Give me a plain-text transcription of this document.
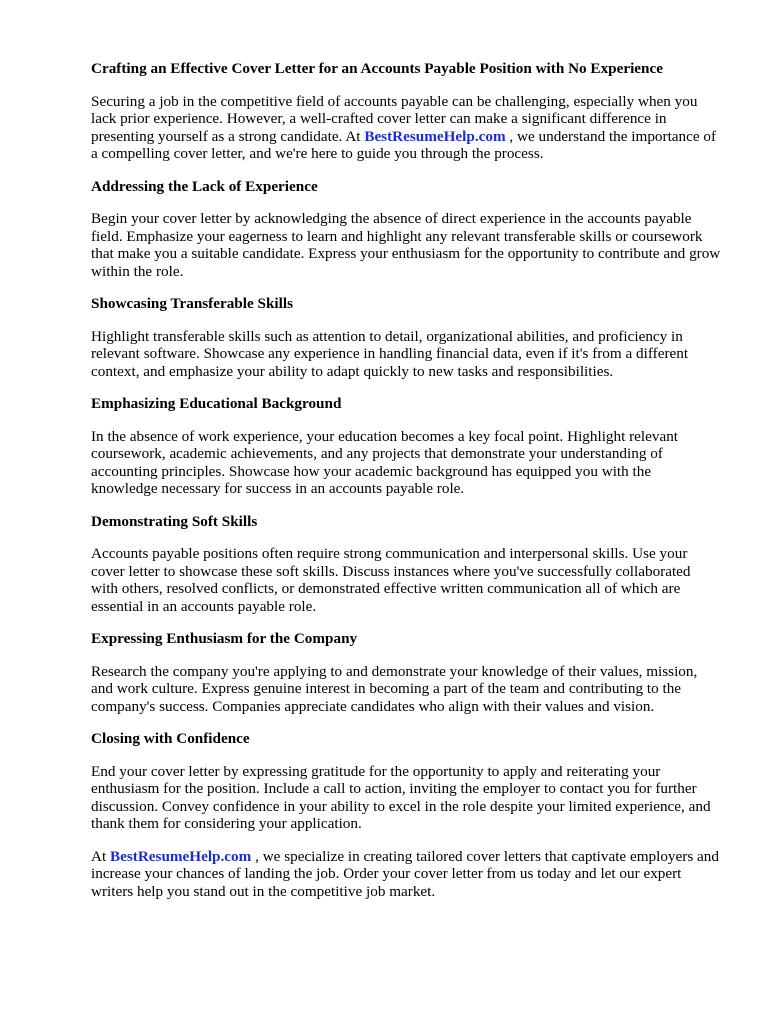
Crafting an Effective Cover Letter for an Accounts Payable Position with No Experience
Securing a job in the competitive field of accounts payable can be challenging, especially when you lack prior experience. However, a well-crafted cover letter can make a significant difference in presenting yourself as a strong candidate. At BestResumeHelp.com , we understand the importance of a compelling cover letter, and we're here to guide you through the process.
Addressing the Lack of Experience
Begin your cover letter by acknowledging the absence of direct experience in the accounts payable field. Emphasize your eagerness to learn and highlight any relevant transferable skills or coursework that make you a suitable candidate. Express your enthusiasm for the opportunity to contribute and grow within the role.
Showcasing Transferable Skills
Highlight transferable skills such as attention to detail, organizational abilities, and proficiency in relevant software. Showcase any experience in handling financial data, even if it's from a different context, and emphasize your ability to adapt quickly to new tasks and responsibilities.
Emphasizing Educational Background
In the absence of work experience, your education becomes a key focal point. Highlight relevant coursework, academic achievements, and any projects that demonstrate your understanding of accounting principles. Showcase how your academic background has equipped you with the knowledge necessary for success in an accounts payable role.
Demonstrating Soft Skills
Accounts payable positions often require strong communication and interpersonal skills. Use your cover letter to showcase these soft skills. Discuss instances where you've successfully collaborated with others, resolved conflicts, or demonstrated effective written communication all of which are essential in an accounts payable role.
Expressing Enthusiasm for the Company
Research the company you're applying to and demonstrate your knowledge of their values, mission, and work culture. Express genuine interest in becoming a part of the team and contributing to the company's success. Companies appreciate candidates who align with their values and vision.
Closing with Confidence
End your cover letter by expressing gratitude for the opportunity to apply and reiterating your enthusiasm for the position. Include a call to action, inviting the employer to contact you for further discussion. Convey confidence in your ability to excel in the role despite your limited experience, and thank them for considering your application.
At BestResumeHelp.com , we specialize in creating tailored cover letters that captivate employers and increase your chances of landing the job. Order your cover letter from us today and let our expert writers help you stand out in the competitive job market.
